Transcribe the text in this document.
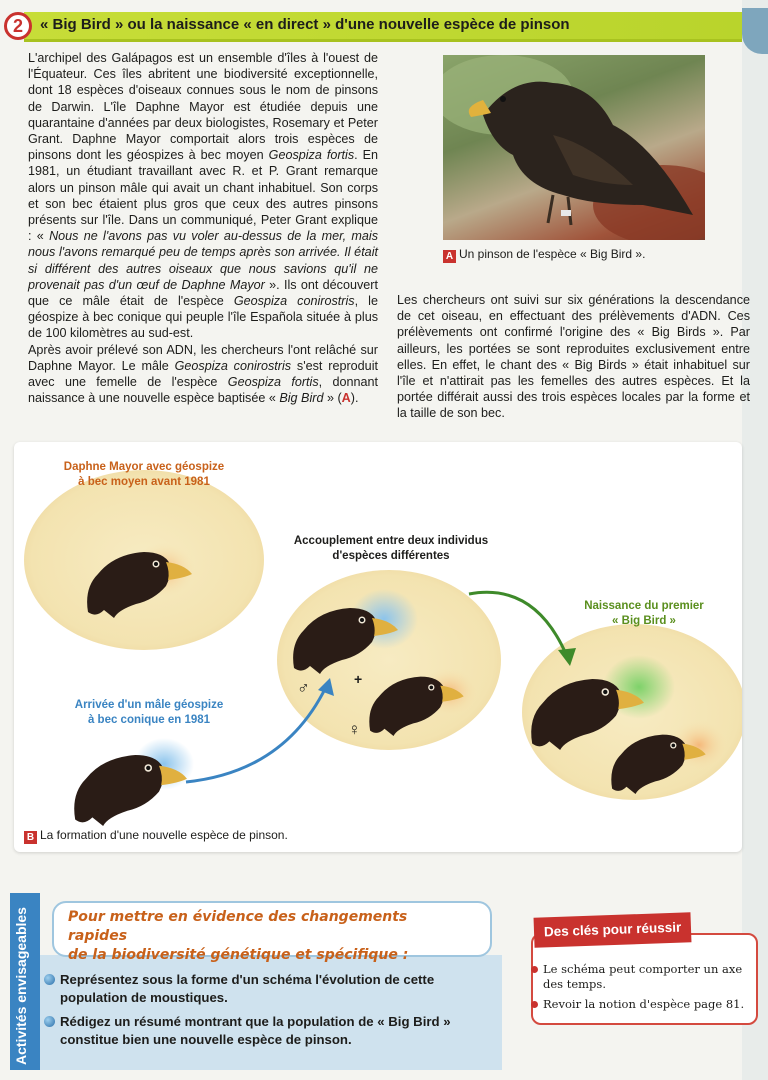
2	« Big Bird » ou la naissance « en direct » d'une nouvelle espèce de pinson

L'archipel des Galápagos est un ensemble d'îles à l'ouest de l'Équateur. Ces îles abritent une biodiversité exceptionnelle, dont 18 espèces d'oiseaux connues sous le nom de pinsons de Darwin. L'île Daphne Mayor est étudiée depuis une quarantaine d'années par deux biologistes, Rosemary et Peter Grant. Daphne Mayor comportait alors trois espèces de pinsons dont les géospizes à bec moyen Geospiza fortis. En 1981, un étudiant travaillant avec R. et P. Grant remarque alors un pinson mâle qui avait un chant inhabituel. Son corps et son bec étaient plus gros que ceux des autres pinsons présents sur l'île. Dans un communiqué, Peter Grant explique : « Nous ne l'avons pas vu voler au-dessus de la mer, mais nous l'avons remarqué peu de temps après son arrivée. Il était si différent des autres oiseaux que nous savions qu'il ne provenait pas d'un œuf de Daphne Mayor ». Ils ont découvert que ce mâle était de l'espèce Geospiza conirostris, le géospize à bec conique qui peuple l'île Española située à plus de 100 kilomètres au sud-est.

Après avoir prélevé son ADN, les chercheurs l'ont relâché sur Daphne Mayor. Le mâle Geospiza conirostris s'est reproduit avec une femelle de l'espèce Geospiza fortis, donnant naissance à une nouvelle espèce baptisée « Big Bird » (A).

A Un pinson de l'espèce « Big Bird ».
Les chercheurs ont suivi sur six générations la descendance de cet oiseau, en effectuant des prélèvements d'ADN. Ces prélèvements ont confirmé l'origine des « Big Birds ». Par ailleurs, les portées se sont reproduites exclusivement entre elles. En effet, le chant des « Big Birds » était inhabituel sur l'île et n'attirait pas les femelles des autres espèces. Et la portée différait aussi des trois espèces locales par la forme et la taille de son bec.
Daphne Mayor avec géospize
à bec moyen avant 1981
Accouplement entre deux individus
d'espèces différentes
Naissance du premier
« Big Bird »
Arrivée d'un mâle géospize
à bec conique en 1981
♂	+
♀
B La formation d'une nouvelle espèce de pinson.
Activités envisageables	Pour mettre en évidence des changements rapides
de la biodiversité génétique et spécifique :
Représentez sous la forme d'un schéma l'évolution de cette population de moustiques.
Rédigez un résumé montrant que la population de « Big Bird » constitue bien une nouvelle espèce de pinson.
Des clés pour réussir
Le schéma peut comporter un axe des temps.
Revoir la notion d'espèce page 81.
